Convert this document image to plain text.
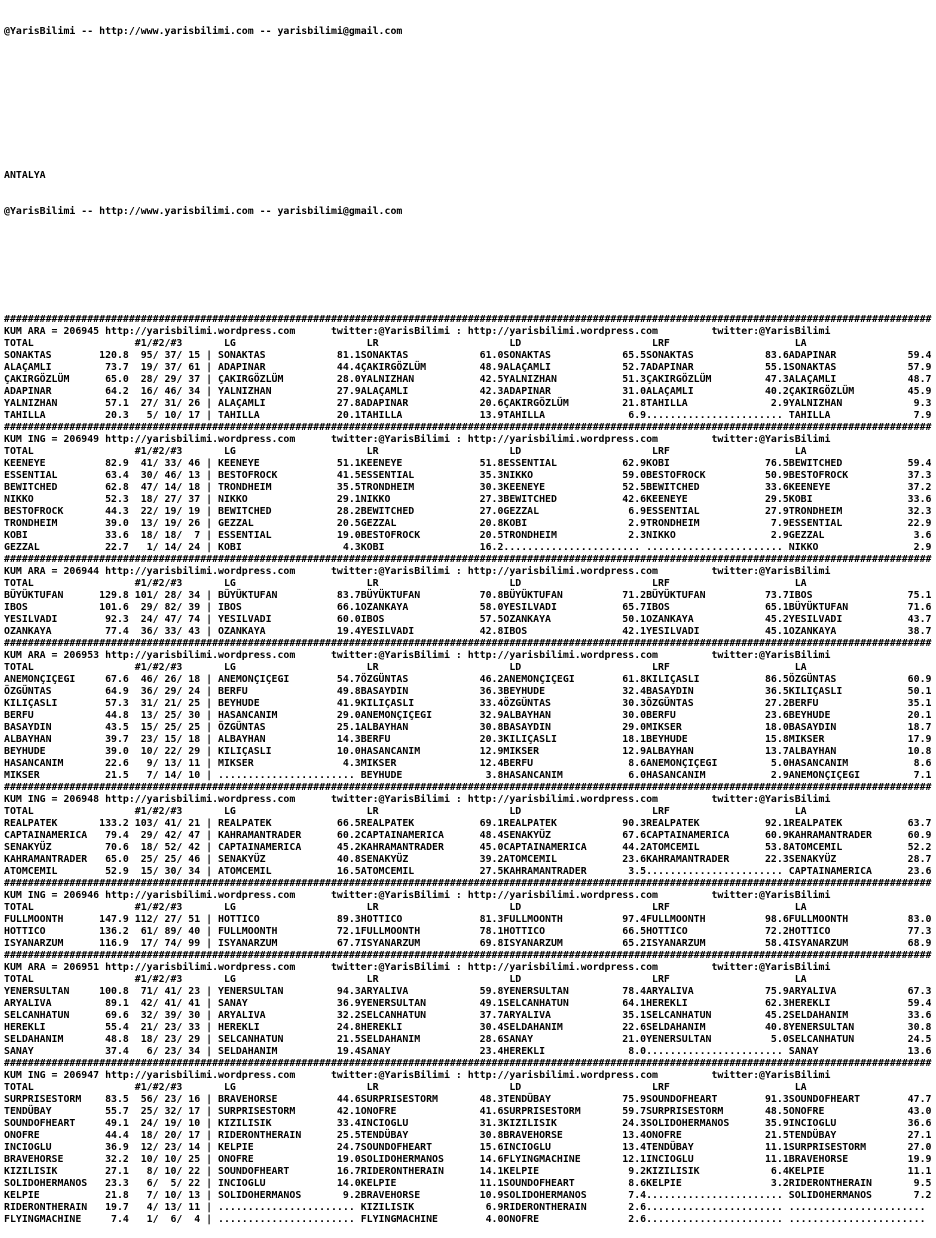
@YarisBilimi -- http://www.yarisbilimi.com -- yarisbilimi@gmail.com

ANTALYA

@YarisBilimi -- http://www.yarisbilimi.com -- yarisbilimi@gmail.com

############################################################################################################################################################
KUM ARA = 206945 http://yarisbilimi.wordpress.com      twitter:@YarisBilimi : http://yarisbilimi.wordpress.com         twitter:@YarisBilimi
TOTAL                 #1/#2/#3       LG                      LR                      LD                      LRF                     LA
SONAKTAS        120.8  95/ 37/ 15 | SONAKTAS            81.1SONAKTAS            61.0SONAKTAS            65.5SONAKTAS            83.6ADAPINAR            59.4
ALAÇAMLI         73.7  19/ 37/ 61 | ADAPINAR            44.4ÇAKIRGÖZLÜM         48.9ALAÇAMLI            52.7ADAPINAR            55.1SONAKTAS            57.9
ÇAKIRGÖZLÜM      65.0  28/ 29/ 37 | ÇAKIRGÖZLÜM         28.0YALNIZHAN           42.5YALNIZHAN           51.3ÇAKIRGÖZLÜM         47.3ALAÇAMLI            48.7
ADAPINAR         64.2  16/ 46/ 34 | YALNIZHAN           27.9ALAÇAMLI            42.3ADAPINAR            31.0ALAÇAMLI            40.2ÇAKIRGÖZLÜM         45.9
YALNIZHAN        57.1  27/ 31/ 26 | ALAÇAMLI            27.8ADAPINAR            20.6ÇAKIRGÖZLÜM         21.8TAHILLA              2.9YALNIZHAN            9.3
TAHILLA          20.3   5/ 10/ 17 | TAHILLA             20.1TAHILLA             13.9TAHILLA              6.9....................... TAHILLA              7.9
############################################################################################################################################################
KUM ING = 206949 http://yarisbilimi.wordpress.com      twitter:@YarisBilimi : http://yarisbilimi.wordpress.com         twitter:@YarisBilimi
TOTAL                 #1/#2/#3       LG                      LR                      LD                      LRF                     LA
KEENEYE          82.9  41/ 33/ 46 | KEENEYE             51.1KEENEYE             51.8ESSENTIAL           62.9KOBI                76.5BEWITCHED           59.4
ESSENTIAL        63.4  30/ 46/ 13 | BESTOFROCK          41.5ESSENTIAL           35.3NIKKO               59.0BESTOFROCK          50.9BESTOFROCK          37.3
BEWITCHED        62.8  47/ 14/ 18 | TRONDHEIM           35.5TRONDHEIM           30.3KEENEYE             52.5BEWITCHED           33.6KEENEYE             37.2
NIKKO            52.3  18/ 27/ 37 | NIKKO               29.1NIKKO               27.3BEWITCHED           42.6KEENEYE             29.5KOBI                33.6
BESTOFROCK       44.3  22/ 19/ 19 | BEWITCHED           28.2BEWITCHED           27.0GEZZAL               6.9ESSENTIAL           27.9TRONDHEIM           32.3
TRONDHEIM        39.0  13/ 19/ 26 | GEZZAL              20.5GEZZAL              20.8KOBI                 2.9TRONDHEIM            7.9ESSENTIAL           22.9
KOBI             33.6  18/ 18/  7 | ESSENTIAL           19.0BESTOFROCK          20.5TRONDHEIM            2.3NIKKO                2.9GEZZAL               3.6
GEZZAL           22.7   1/ 14/ 24 | KOBI                 4.3KOBI                16.2....................... ....................... NIKKO                2.9
############################################################################################################################################################
KUM ARA = 206944 http://yarisbilimi.wordpress.com      twitter:@YarisBilimi : http://yarisbilimi.wordpress.com         twitter:@YarisBilimi
TOTAL                 #1/#2/#3       LG                      LR                      LD                      LRF                     LA
BÜYÜKTUFAN      129.8 101/ 28/ 34 | BÜYÜKTUFAN          83.7BÜYÜKTUFAN          70.8BÜYÜKTUFAN          71.2BÜYÜKTUFAN          73.7IBOS                75.1
IBOS            101.6  29/ 82/ 39 | IBOS                66.1OZANKAYA            58.0YESILVADI           65.7IBOS                65.1BÜYÜKTUFAN          71.6
YESILVADI        92.3  24/ 47/ 74 | YESILVADI           60.0IBOS                57.5OZANKAYA            50.1OZANKAYA            45.2YESILVADI           43.7
OZANKAYA         77.4  36/ 33/ 43 | OZANKAYA            19.4YESILVADI           42.8IBOS                42.1YESILVADI           45.1OZANKAYA            38.7
############################################################################################################################################################
KUM ARA = 206953 http://yarisbilimi.wordpress.com      twitter:@YarisBilimi : http://yarisbilimi.wordpress.com         twitter:@YarisBilimi
TOTAL                 #1/#2/#3       LG                      LR                      LD                      LRF                     LA
ANEMONÇIÇEGI     67.6  46/ 26/ 18 | ANEMONÇIÇEGI        54.7ÖZGÜNTAS            46.2ANEMONÇIÇEGI        61.8KILIÇASLI           86.5ÖZGÜNTAS            60.9
ÖZGÜNTAS         64.9  36/ 29/ 24 | BERFU               49.8BASAYDIN            36.3BEYHUDE             32.4BASAYDIN            36.5KILIÇASLI           50.1
KILIÇASLI        57.3  31/ 21/ 25 | BEYHUDE             41.9KILIÇASLI           33.4ÖZGÜNTAS            30.3ÖZGÜNTAS            27.2BERFU               35.1
BERFU            44.8  13/ 25/ 30 | HASANCANIM          29.0ANEMONÇIÇEGI        32.9ALBAYHAN            30.0BERFU               23.6BEYHUDE             20.1
BASAYDIN         43.5  15/ 25/ 25 | ÖZGÜNTAS            25.1ALBAYHAN            30.8BASAYDIN            29.0MIKSER              18.0BASAYDIN            18.7
ALBAYHAN         39.7  23/ 15/ 18 | ALBAYHAN            14.3BERFU               20.3KILIÇASLI           18.1BEYHUDE             15.8MIKSER              17.9
BEYHUDE          39.0  10/ 22/ 29 | KILIÇASLI           10.0HASANCANIM          12.9MIKSER              12.9ALBAYHAN            13.7ALBAYHAN            10.8
HASANCANIM       22.6   9/ 13/ 11 | MIKSER               4.3MIKSER              12.4BERFU                8.6ANEMONÇIÇEGI         5.0HASANCANIM           8.6
MIKSER           21.5   7/ 14/ 10 | ....................... BEYHUDE              3.8HASANCANIM           6.0HASANCANIM           2.9ANEMONÇIÇEGI         7.1
############################################################################################################################################################
KUM ING = 206948 http://yarisbilimi.wordpress.com      twitter:@YarisBilimi : http://yarisbilimi.wordpress.com         twitter:@YarisBilimi
TOTAL                 #1/#2/#3       LG                      LR                      LD                      LRF                     LA
REALPATEK       133.2 103/ 41/ 21 | REALPATEK           66.5REALPATEK           69.1REALPATEK           90.3REALPATEK           92.1REALPATEK           63.7
CAPTAINAMERICA   79.4  29/ 42/ 47 | KAHRAMANTRADER      60.2CAPTAINAMERICA      48.4SENAKYÜZ            67.6CAPTAINAMERICA      60.9KAHRAMANTRADER      60.9
SENAKYÜZ         70.6  18/ 52/ 42 | CAPTAINAMERICA      45.2KAHRAMANTRADER      45.0CAPTAINAMERICA      44.2ATOMCEMIL           53.8ATOMCEMIL           52.2
KAHRAMANTRADER   65.0  25/ 25/ 46 | SENAKYÜZ            40.8SENAKYÜZ            39.2ATOMCEMIL           23.6KAHRAMANTRADER      22.3SENAKYÜZ            28.7
ATOMCEMIL        52.9  15/ 30/ 34 | ATOMCEMIL           16.5ATOMCEMIL           27.5KAHRAMANTRADER       3.5....................... CAPTAINAMERICA      23.6
############################################################################################################################################################
KUM ING = 206946 http://yarisbilimi.wordpress.com      twitter:@YarisBilimi : http://yarisbilimi.wordpress.com         twitter:@YarisBilimi
TOTAL                 #1/#2/#3       LG                      LR                      LD                      LRF                     LA
FULLMOONTH      147.9 112/ 27/ 51 | HOTTICO             89.3HOTTICO             81.3FULLMOONTH          97.4FULLMOONTH          98.6FULLMOONTH          83.0
HOTTICO         136.2  61/ 89/ 40 | FULLMOONTH          72.1FULLMOONTH          78.1HOTTICO             66.5HOTTICO             72.2HOTTICO             77.3
ISYANARZUM      116.9  17/ 74/ 99 | ISYANARZUM          67.7ISYANARZUM          69.8ISYANARZUM          65.2ISYANARZUM          58.4ISYANARZUM          68.9
############################################################################################################################################################
KUM ARA = 206951 http://yarisbilimi.wordpress.com      twitter:@YarisBilimi : http://yarisbilimi.wordpress.com         twitter:@YarisBilimi
TOTAL                 #1/#2/#3       LG                      LR                      LD                      LRF                     LA
YENERSULTAN     100.8  71/ 41/ 23 | YENERSULTAN         94.3ARYALIVA            59.8YENERSULTAN         78.4ARYALIVA            75.9ARYALIVA            67.3
ARYALIVA         89.1  42/ 41/ 41 | SANAY               36.9YENERSULTAN         49.1SELCANHATUN         64.1HEREKLI             62.3HEREKLI             59.4
SELCANHATUN      69.6  32/ 39/ 30 | ARYALIVA            32.2SELCANHATUN         37.7ARYALIVA            35.1SELCANHATUN         45.2SELDAHANIM          33.6
HEREKLI          55.4  21/ 23/ 33 | HEREKLI             24.8HEREKLI             30.4SELDAHANIM          22.6SELDAHANIM          40.8YENERSULTAN         30.8
SELDAHANIM       48.8  18/ 23/ 29 | SELCANHATUN         21.5SELDAHANIM          28.6SANAY               21.0YENERSULTAN          5.0SELCANHATUN         24.5
SANAY            37.4   6/ 23/ 34 | SELDAHANIM          19.4SANAY               23.4HEREKLI              8.0....................... SANAY               13.6
############################################################################################################################################################
KUM ING = 206947 http://yarisbilimi.wordpress.com      twitter:@YarisBilimi : http://yarisbilimi.wordpress.com         twitter:@YarisBilimi
TOTAL                 #1/#2/#3       LG                      LR                      LD                      LRF                     LA
SURPRISESTORM    83.5  56/ 23/ 16 | BRAVEHORSE          44.6SURPRISESTORM       48.3TENDÜBAY            75.9SOUNDOFHEART        91.3SOUNDOFHEART        47.7
TENDÜBAY         55.7  25/ 32/ 17 | SURPRISESTORM       42.1ONOFRE              41.6SURPRISESTORM       59.7SURPRISESTORM       48.5ONOFRE              43.0
SOUNDOFHEART     49.1  24/ 19/ 10 | KIZILISIK           33.4INCIOGLU            31.3KIZILISIK           24.3SOLIDOHERMANOS      35.9INCIOGLU            36.6
ONOFRE           44.4  18/ 20/ 17 | RIDERONTHERAIN      25.5TENDÜBAY            30.8BRAVEHORSE          13.4ONOFRE              21.5TENDÜBAY            27.1
INCIOGLU         36.9  12/ 23/ 14 | KELPIE              24.7SOUNDOFHEART        15.6INCIOGLU            13.4TENDÜBAY            11.1SURPRISESTORM       27.0
BRAVEHORSE       32.2  10/ 10/ 25 | ONOFRE              19.0SOLIDOHERMANOS      14.6FLYINGMACHINE       12.1INCIOGLU            11.1BRAVEHORSE          19.9
KIZILISIK        27.1   8/ 10/ 22 | SOUNDOFHEART        16.7RIDERONTHERAIN      14.1KELPIE               9.2KIZILISIK            6.4KELPIE              11.1
SOLIDOHERMANOS   23.3   6/  5/ 22 | INCIOGLU            14.0KELPIE              11.1SOUNDOFHEART         8.6KELPIE               3.2RIDERONTHERAIN       9.5
KELPIE           21.8   7/ 10/ 13 | SOLIDOHERMANOS       9.2BRAVEHORSE          10.9SOLIDOHERMANOS       7.4....................... SOLIDOHERMANOS       7.2
RIDERONTHERAIN   19.7   4/ 13/ 11 | ....................... KIZILISIK            6.9RIDERONTHERAIN       2.6....................... .......................
FLYINGMACHINE     7.4   1/  6/  4 | ....................... FLYINGMACHINE        4.0ONOFRE               2.6....................... .......................
